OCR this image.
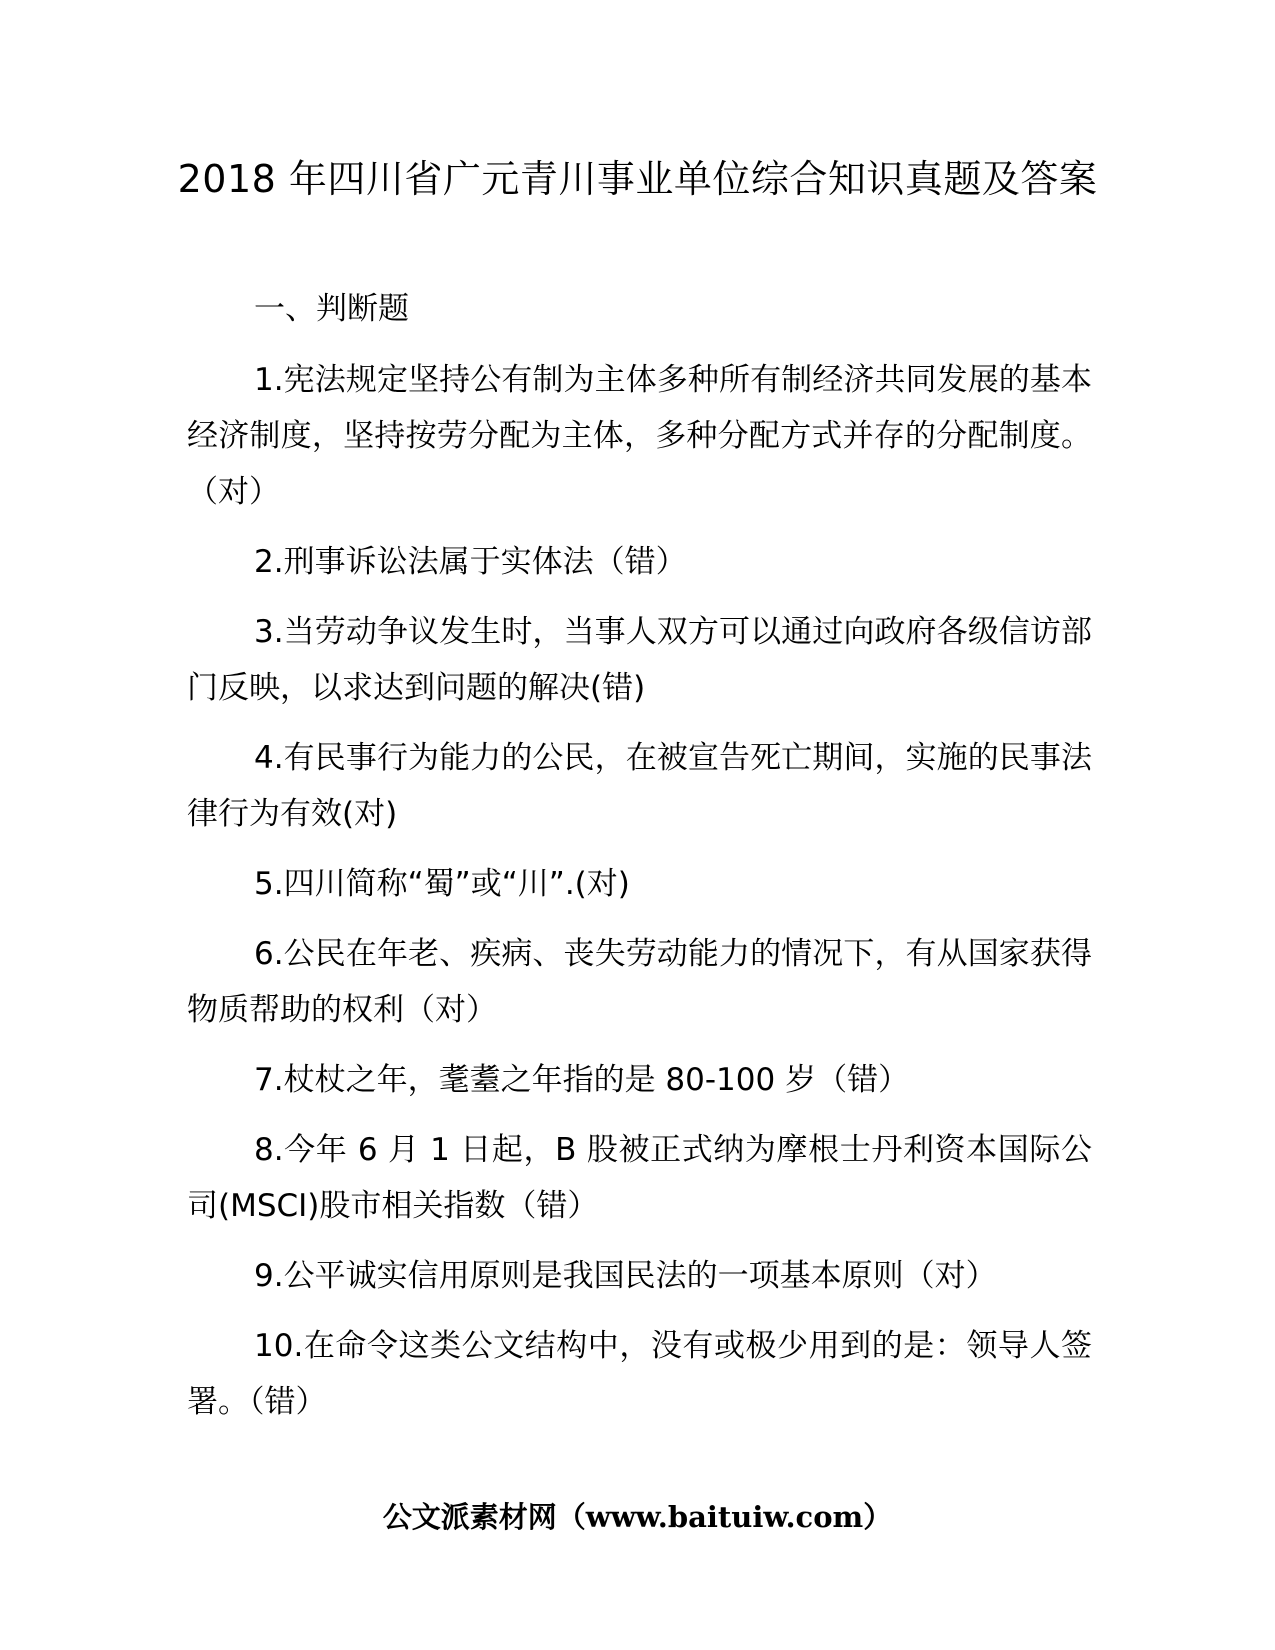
2018 年四川省广元青川事业单位综合知识真题及答案
一、判断题

1.宪法规定坚持公有制为主体多种所有制经济共同发展的基本经济制度，坚持按劳分配为主体，多种分配方式并存的分配制度。（对）

2.刑事诉讼法属于实体法（错）

3.当劳动争议发生时，当事人双方可以通过向政府各级信访部门反映，以求达到问题的解决(错)

4.有民事行为能力的公民，在被宣告死亡期间，实施的民事法律行为有效(对)

5.四川简称“蜀”或“川”.(对)

6.公民在年老、疾病、丧失劳动能力的情况下，有从国家获得物质帮助的权利（对）

7.杖杖之年，耄耋之年指的是 80-100 岁（错）

8.今年 6 月 1 日起，B 股被正式纳为摩根士丹利资本国际公司(MSCI)股市相关指数（错）

9.公平诚实信用原则是我国民法的一项基本原则（对）

10.在命令这类公文结构中，没有或极少用到的是：领导人签署。（错）

公文派素材网（www.baituiw.com）
